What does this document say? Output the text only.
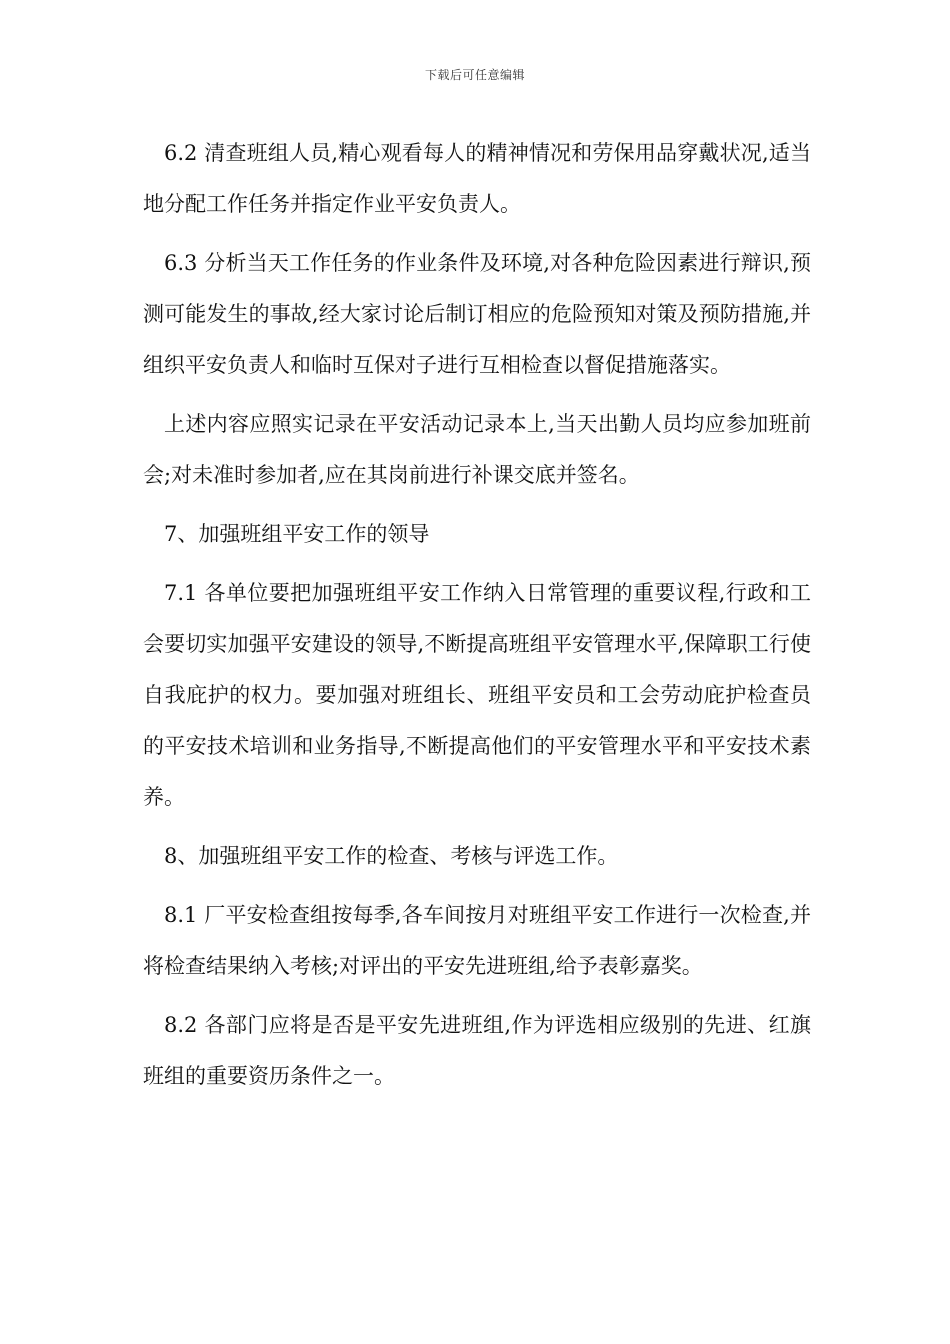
下载后可任意编辑

6.2 清查班组人员,精心观看每人的精神情况和劳保用品穿戴状况,适当地分配工作任务并指定作业平安负责人。

6.3 分析当天工作任务的作业条件及环境,对各种危险因素进行辩识,预测可能发生的事故,经大家讨论后制订相应的危险预知对策及预防措施,并组织平安负责人和临时互保对子进行互相检查以督促措施落实。

上述内容应照实记录在平安活动记录本上,当天出勤人员均应参加班前会;对未准时参加者,应在其岗前进行补课交底并签名。

7、加强班组平安工作的领导

7.1 各单位要把加强班组平安工作纳入日常管理的重要议程,行政和工会要切实加强平安建设的领导,不断提高班组平安管理水平,保障职工行使自我庇护的权力。要加强对班组长、班组平安员和工会劳动庇护检查员的平安技术培训和业务指导,不断提高他们的平安管理水平和平安技术素养。

8、加强班组平安工作的检查、考核与评选工作。

8.1 厂平安检查组按每季,各车间按月对班组平安工作进行一次检查,并将检查结果纳入考核;对评出的平安先进班组,给予表彰嘉奖。

8.2 各部门应将是否是平安先进班组,作为评选相应级别的先进、红旗班组的重要资历条件之一。
